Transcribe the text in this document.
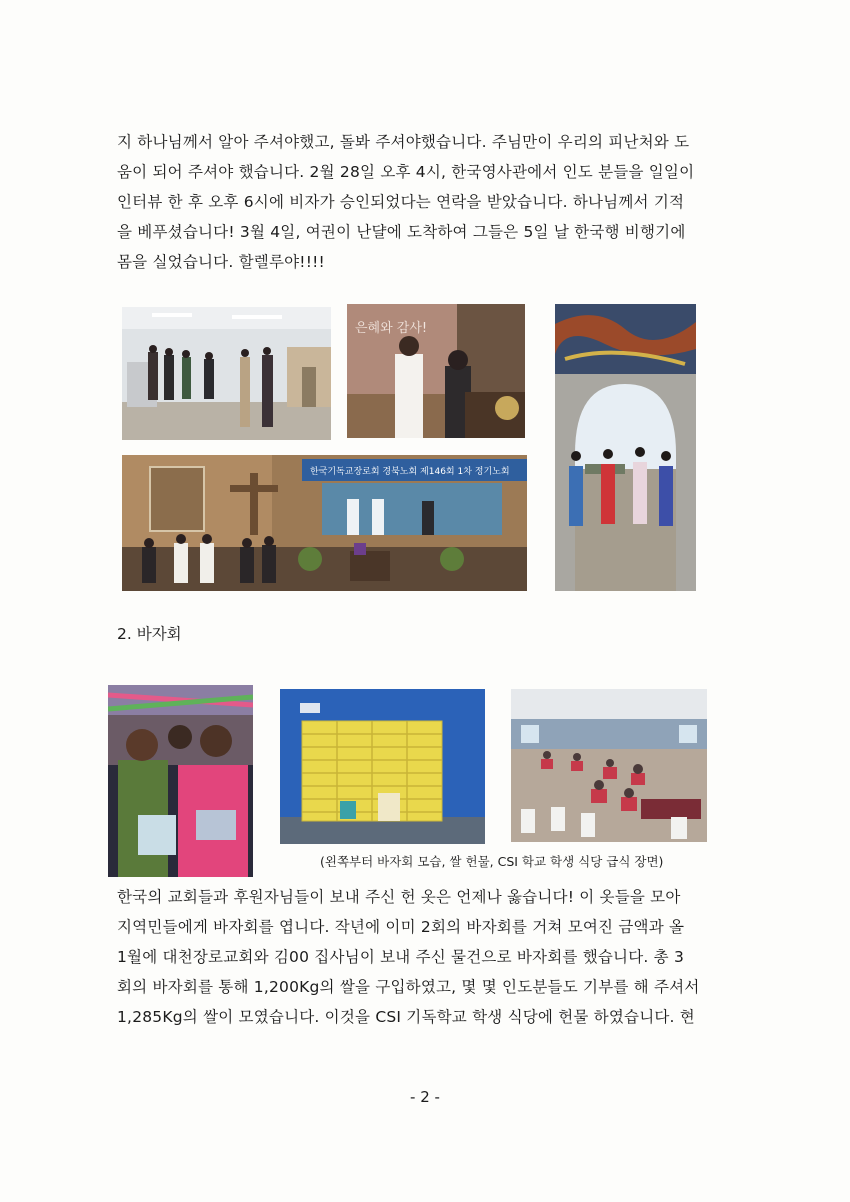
지 하나님께서 알아 주셔야했고, 돌봐 주셔야했습니다. 주님만이 우리의 피난처와 도
움이 되어 주셔야 했습니다. 2월 28일 오후 4시, 한국영사관에서 인도 분들을 일일이
인터뷰 한 후 오후 6시에 비자가 승인되었다는 연락을 받았습니다. 하나님께서 기적
을 베푸셨습니다! 3월 4일, 여권이 난댤에 도착하여 그들은 5일 날 한국행 비행기에
몸을 실었습니다. 할렐루야!!!!
은혜와 감사!
한국기독교장로회 경북노회 제146회 1차 정기노회
2. 바자회
(왼쪽부터 바자회 모습, 쌀 헌물, CSI 학교 학생 식당 급식 장면)
한국의 교회들과 후원자님들이 보내 주신 헌 옷은 언제나 옳습니다! 이 옷들을 모아
지역민들에게 바자회를 엽니다. 작년에 이미 2회의 바자회를 거쳐 모여진 금액과 올
1월에 대천장로교회와 김00 집사님이 보내 주신 물건으로 바자회를 했습니다. 총 3
회의 바자회를 통해 1,200Kg의 쌀을 구입하였고, 몇 몇 인도분들도 기부를 해 주셔서
1,285Kg의 쌀이 모였습니다. 이것을 CSI 기독학교 학생 식당에 헌물 하였습니다. 현
- 2 -
